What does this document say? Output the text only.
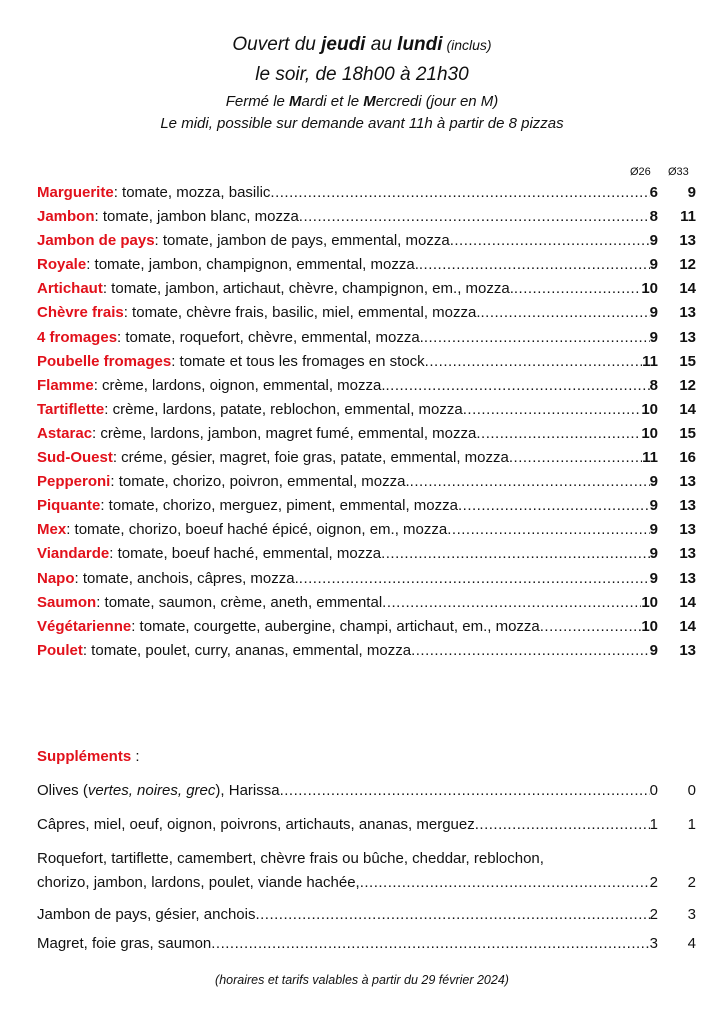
Ouvert du jeudi au lundi (inclus)
le soir, de 18h00 à 21h30
Fermé le Mardi et le Mercredi (jour en M)
Le midi, possible sur demande avant 11h à partir de 8 pizzas
Ø26 Ø33
Marguerite : tomate, mozza, basilic .....	6	9
Jambon : tomate, jambon blanc, mozza .....	8	11
Jambon de pays : tomate, jambon de pays, emmental, mozza .....	9	13
Royale : tomate, jambon, champignon, emmental, mozza. .....	9	12
Artichaut : tomate, jambon, artichaut, chèvre, champignon, em., mozza. .....	10	14
Chèvre frais : tomate, chèvre frais, basilic, miel, emmental, mozza. .....	9	13
4 fromages : tomate, roquefort, chèvre, emmental, mozza. .....	9	13
Poubelle fromages : tomate et tous les fromages en stock .....	11	15
Flamme : crème, lardons, oignon, emmental, mozza. .....	8	12
Tartiflette : crème, lardons, patate, reblochon, emmental, mozza .....	10	14
Astarac : crème, lardons, jambon, magret fumé, emmental, mozza .....	10	15
Sud-Ouest : créme, gésier, magret, foie gras, patate, emmental, mozza .....	11	16
Pepperoni : tomate, chorizo, poivron, emmental, mozza. .....	9	13
Piquante : tomate, chorizo, merguez, piment, emmental, mozza .....	9	13
Mex : tomate, chorizo, boeuf haché épicé, oignon, em., mozza .....	9	13
Viandarde : tomate, boeuf haché, emmental, mozza .....	9	13
Napo : tomate, anchois, câpres, mozza. .....	9	13
Saumon : tomate, saumon, crème, aneth, emmental .....	10	14
Végétarienne : tomate, courgette, aubergine, champi, artichaut, em., mozza .....	10	14
Poulet : tomate, poulet, curry, ananas, emmental, mozza .....	9	13
Suppléments :
Olives ( vertes, noires, grec ), Harissa .....	0	0
Câpres, miel, oeuf, oignon, poivrons, artichauts, ananas, merguez .....	1	1
Roquefort, tartiflette, camembert, chèvre frais ou bûche, cheddar, reblochon,
chorizo, jambon, lardons, poulet, viande hachée, .....	2	2
Jambon de pays, gésier, anchois .....	2	3
Magret, foie gras, saumon .....	3	4
(horaires et tarifs valables à partir du 29 février 2024)
